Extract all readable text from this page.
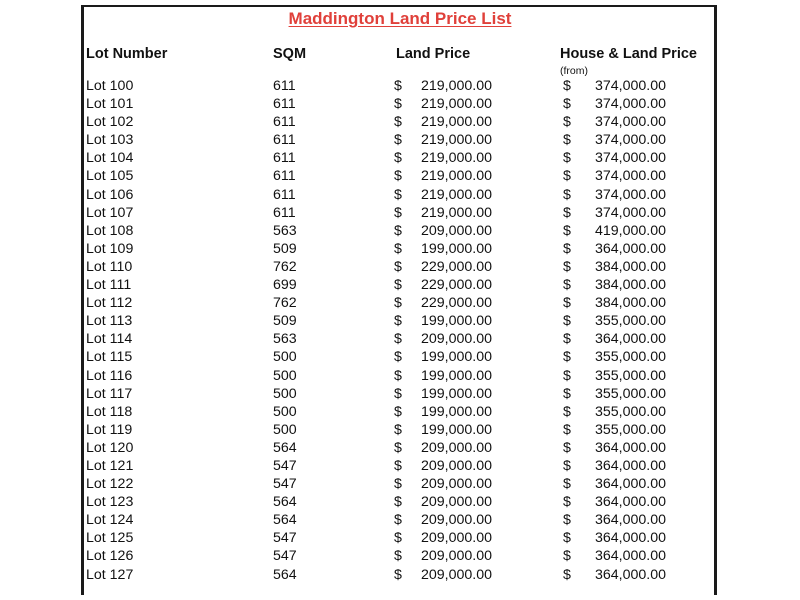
Maddington Land Price List
Lot Number	SQM	Land Price	House & Land Price
(from)
Lot 100	611	$	219,000.00	$	374,000.00
Lot 101	611	$	219,000.00	$	374,000.00
Lot 102	611	$	219,000.00	$	374,000.00
Lot 103	611	$	219,000.00	$	374,000.00
Lot 104	611	$	219,000.00	$	374,000.00
Lot 105	611	$	219,000.00	$	374,000.00
Lot 106	611	$	219,000.00	$	374,000.00
Lot 107	611	$	219,000.00	$	374,000.00
Lot 108	563	$	209,000.00	$	419,000.00
Lot 109	509	$	199,000.00	$	364,000.00
Lot 110	762	$	229,000.00	$	384,000.00
Lot 111	699	$	229,000.00	$	384,000.00
Lot 112	762	$	229,000.00	$	384,000.00
Lot 113	509	$	199,000.00	$	355,000.00
Lot 114	563	$	209,000.00	$	364,000.00
Lot 115	500	$	199,000.00	$	355,000.00
Lot 116	500	$	199,000.00	$	355,000.00
Lot 117	500	$	199,000.00	$	355,000.00
Lot 118	500	$	199,000.00	$	355,000.00
Lot 119	500	$	199,000.00	$	355,000.00
Lot 120	564	$	209,000.00	$	364,000.00
Lot 121	547	$	209,000.00	$	364,000.00
Lot 122	547	$	209,000.00	$	364,000.00
Lot 123	564	$	209,000.00	$	364,000.00
Lot 124	564	$	209,000.00	$	364,000.00
Lot 125	547	$	209,000.00	$	364,000.00
Lot 126	547	$	209,000.00	$	364,000.00
Lot 127	564	$	209,000.00	$	364,000.00
